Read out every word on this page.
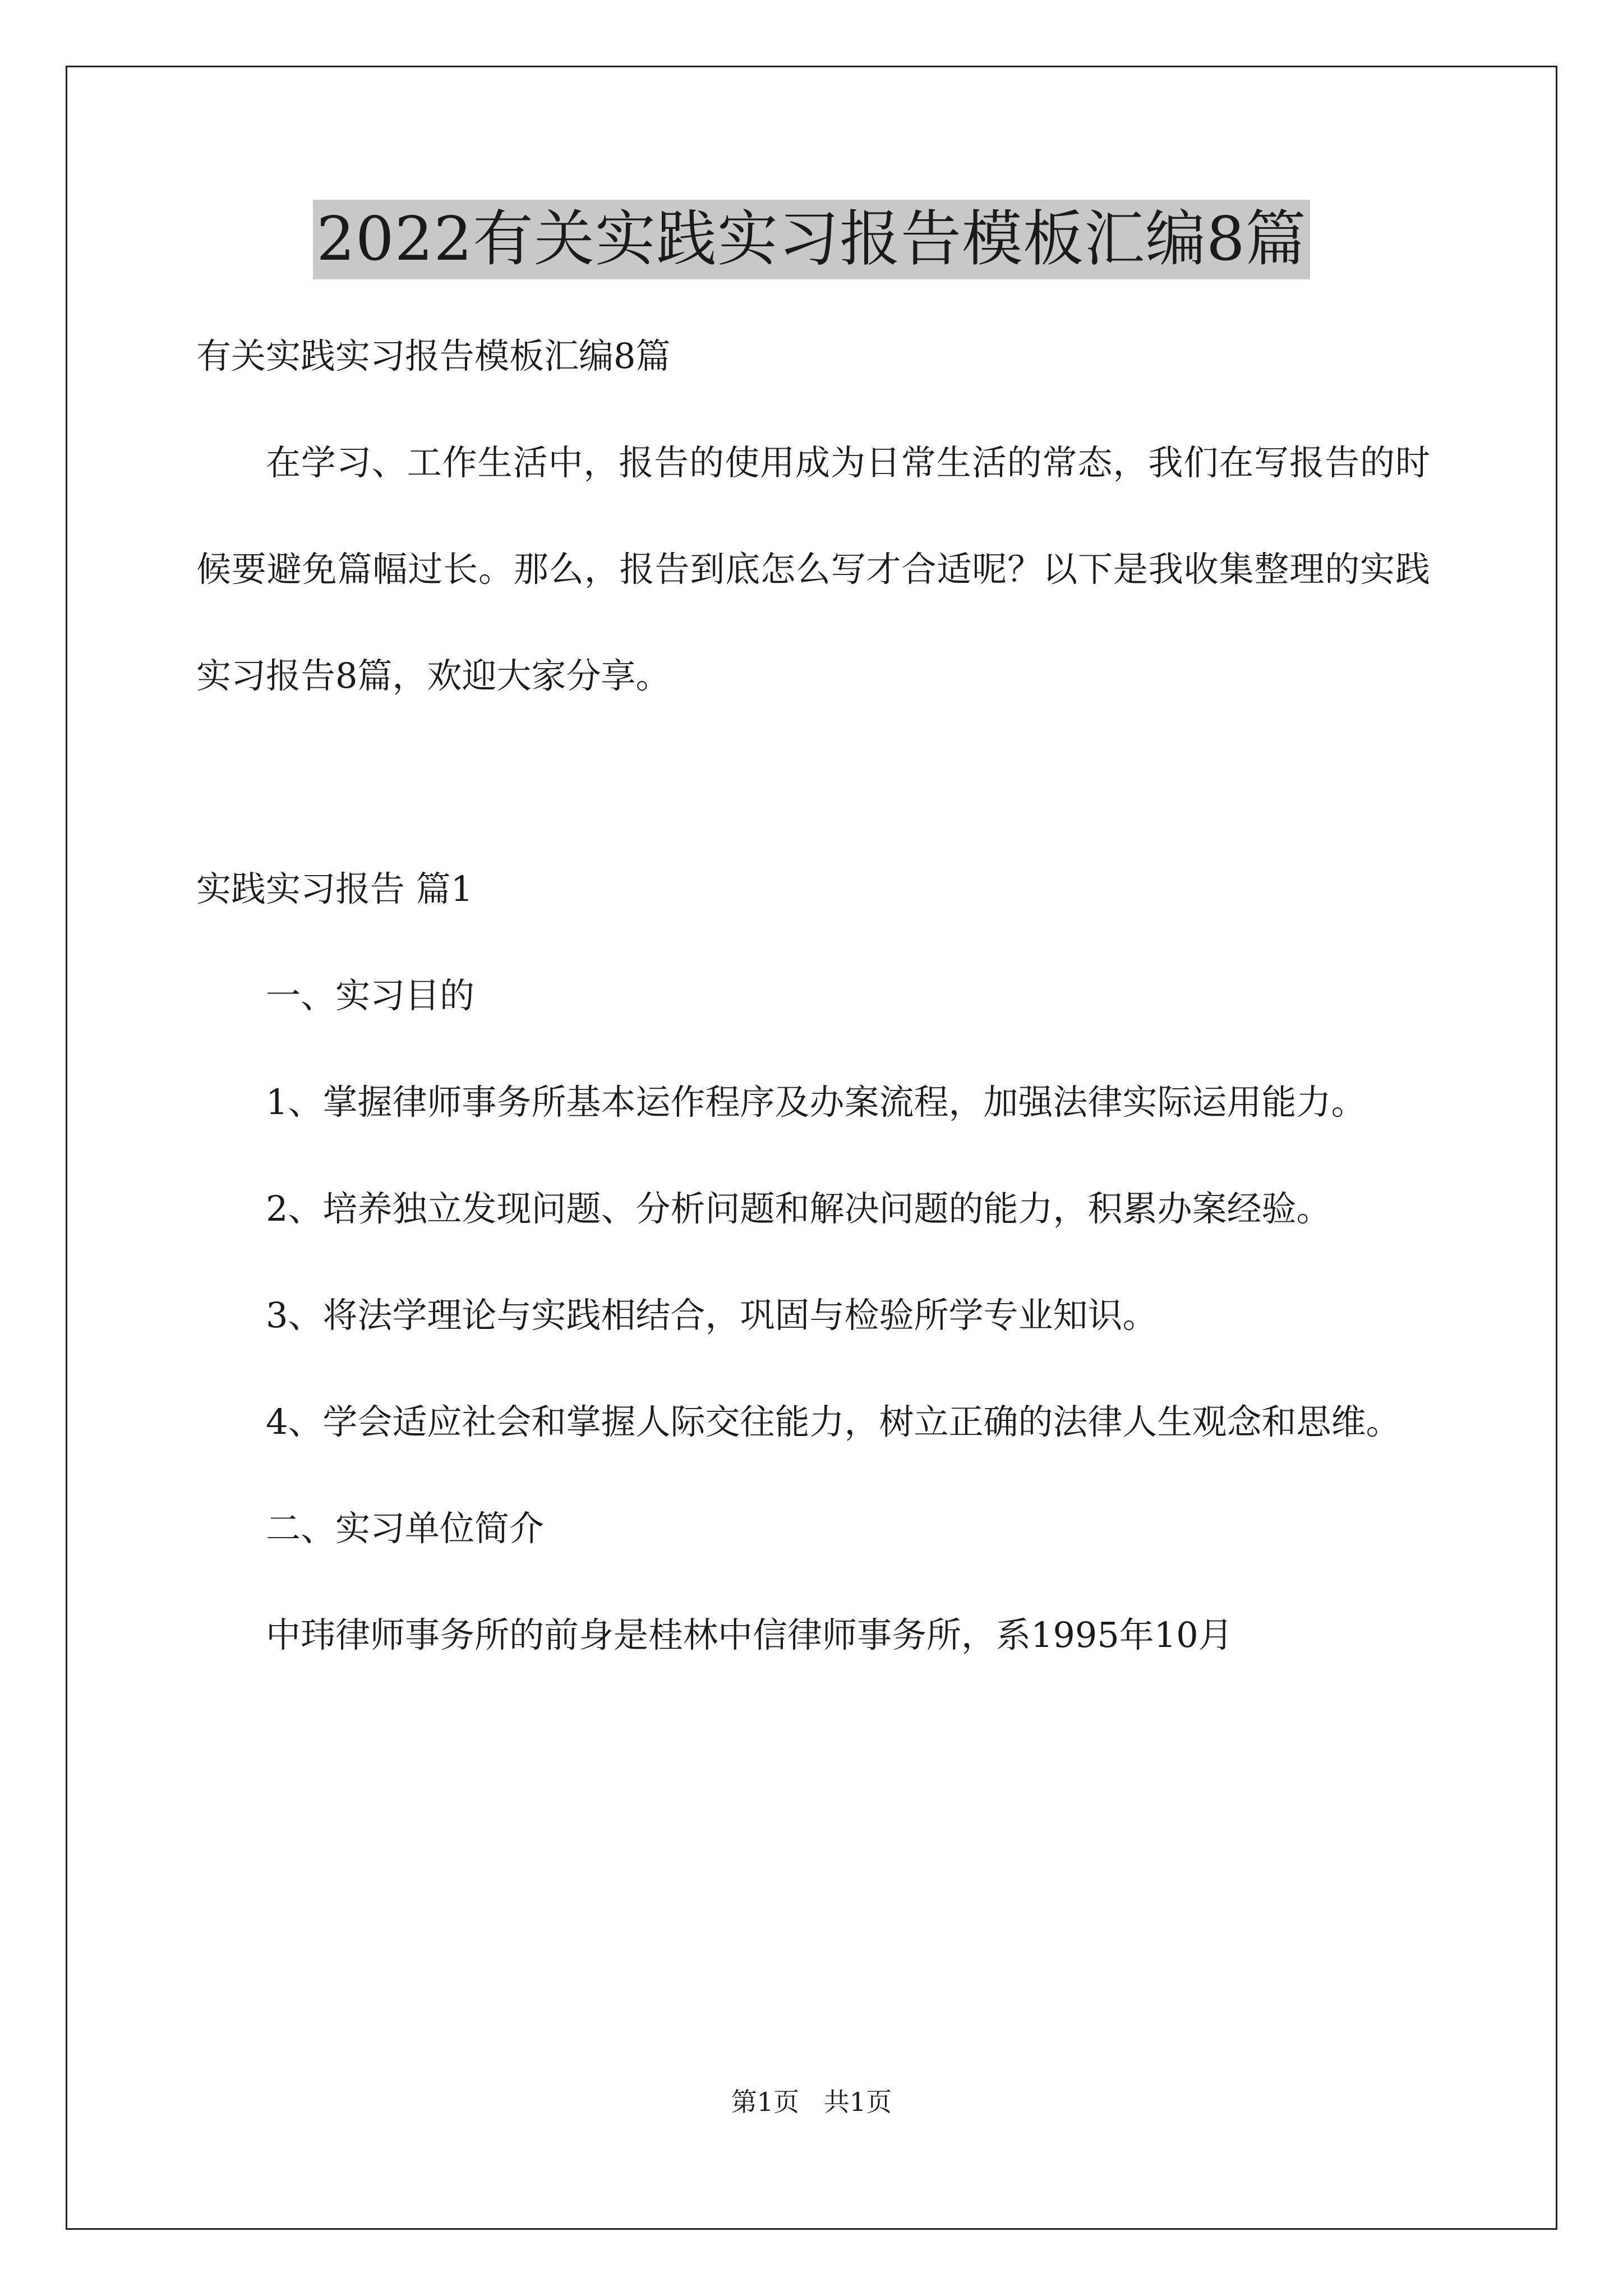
2022有关实践实习报告模板汇编8篇

有关实践实习报告模板汇编8篇

在学习、工作生活中，报告的使用成为日常生活的常态，我们在写报告的时候要避免篇幅过长。那么，报告到底怎么写才合适呢？以下是我收集整理的实践实习报告8篇，欢迎大家分享。

实践实习报告 篇1

一、实习目的

1、掌握律师事务所基本运作程序及办案流程，加强法律实际运用能力。

2、培养独立发现问题、分析问题和解决问题的能力，积累办案经验。

3、将法学理论与实践相结合，巩固与检验所学专业知识。

4、学会适应社会和掌握人际交往能力，树立正确的法律人生观念和思维。

二、实习单位简介

中玮律师事务所的前身是桂林中信律师事务所，系1995年10月

第1页   共1页
